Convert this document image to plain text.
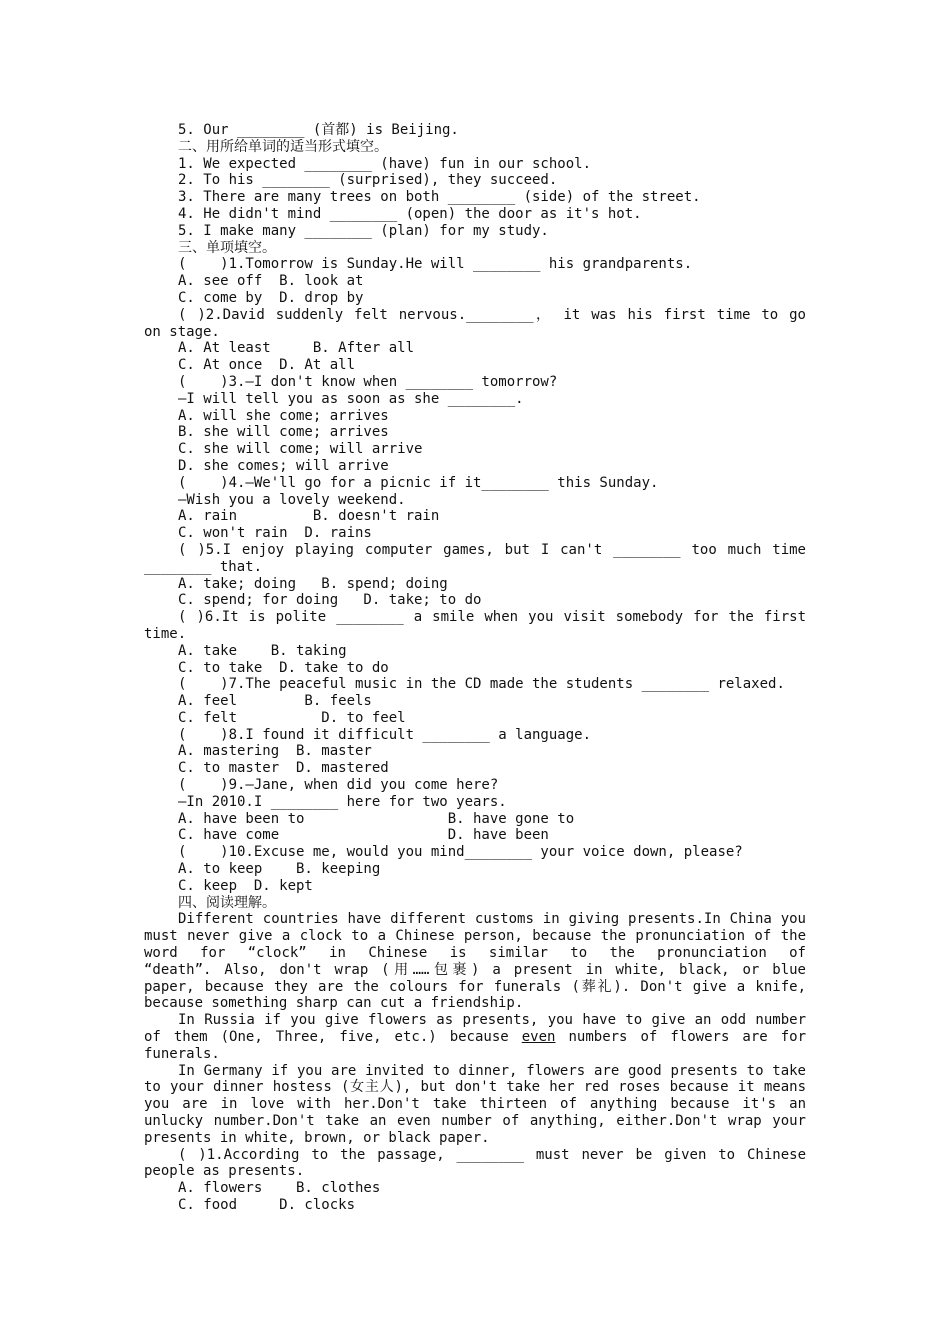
5. Our ________ (首都) is Beijing.
二、用所给单词的适当形式填空。
1. We expected ________ (have) fun in our school.
2. To his ________ (surprised), they succeed.
3. There are many trees on both ________ (side) of the street.
4. He didn't mind ________ (open) the door as it's hot.
5. I make many ________ (plan) for my study.
三、单项填空。
(    )1.Tomorrow is Sunday.He will ________ his grandparents.
A. see off  B. look at
C. come by  D. drop by
( )2.David suddenly felt nervous.________， it was his first time to go
on stage.
A. At least     B. After all
C. At once  D. At all
(    )3.—I don't know when ________ tomorrow?
—I will tell you as soon as she ________.
A. will she come; arrives
B. she will come; arrives
C. she will come; will arrive
D. she comes; will arrive
(    )4.—We'll go for a picnic if it________ this Sunday.
—Wish you a lovely weekend.
A. rain         B. doesn't rain
C. won't rain  D. rains
( )5.I enjoy playing computer games, but I can't ________ too much time
________ that.
A. take; doing   B. spend; doing
C. spend; for doing   D. take; to do
( )6.It is polite ________ a smile when you visit somebody for the first
time.
A. take    B. taking
C. to take  D. take to do
(    )7.The peaceful music in the CD made the students ________ relaxed.
A. feel        B. feels
C. felt          D. to feel
(    )8.I found it difficult ________ a language.
A. mastering  B. master
C. to master  D. mastered
(    )9.—Jane, when did you come here?
—In 2010.I ________ here for two years.
A. have been to                 B. have gone to
C. have come                    D. have been
(    )10.Excuse me, would you mind________ your voice down, please?
A. to keep    B. keeping
C. keep  D. kept
四、阅读理解。
Different countries have different customs in giving presents.In China you
must never give a clock to a Chinese person, because the pronunciation of the
word for “clock” in Chinese is similar to the pronunciation of
“death”. Also, don't wrap (用……包裹) a present in white, black, or blue
paper, because they are the colours for funerals (葬礼). Don't give a knife,
because something sharp can cut a friendship.
In Russia if you give flowers as presents, you have to give an odd number
of them (One, Three, five, etc.) because even numbers of flowers are for
funerals.
In Germany if you are invited to dinner, flowers are good presents to take
to your dinner hostess (女主人), but don't take her red roses because it means
you are in love with her.Don't take thirteen of anything because it's an
unlucky number.Don't take an even number of anything, either.Don't wrap your
presents in white, brown, or black paper.
( )1.According to the passage, ________ must never be given to Chinese
people as presents.
A. flowers    B. clothes
C. food     D. clocks
